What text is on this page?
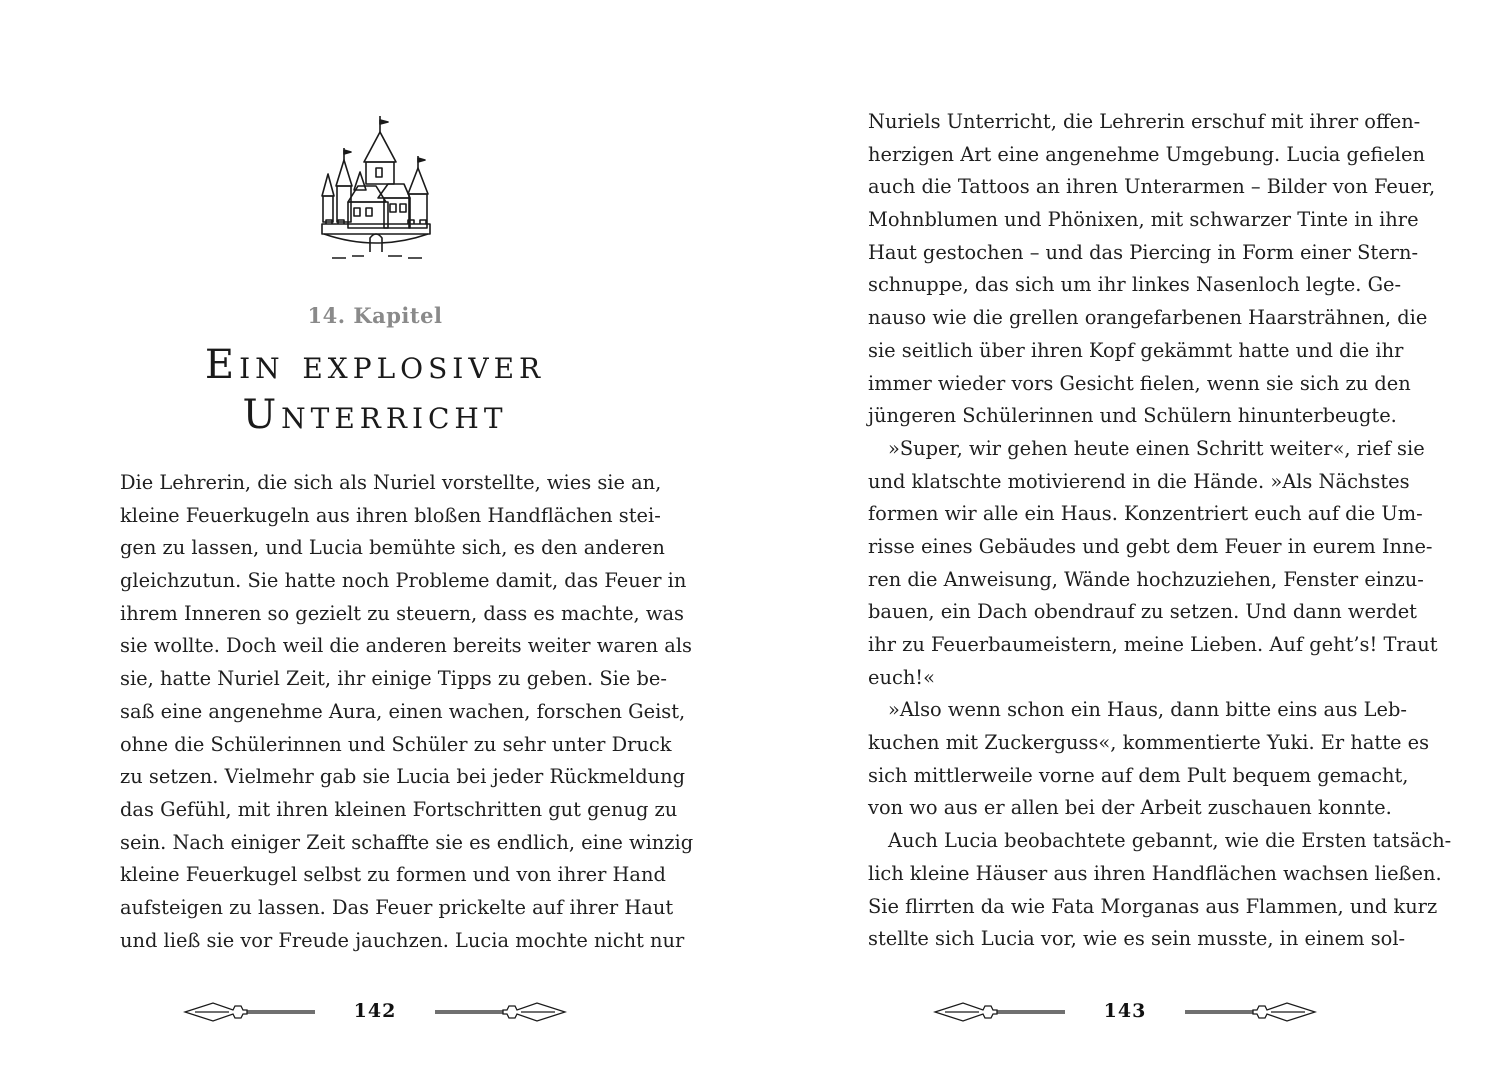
14. Kapitel
Ein explosiver
Unterricht
Die Lehrerin, die sich als Nuriel vorstellte, wies sie an,
kleine Feuerkugeln aus ihren bloßen Handflächen stei-
gen zu lassen, und Lucia bemühte sich, es den anderen
gleichzutun. Sie hatte noch Probleme damit, das Feuer in
ihrem Inneren so gezielt zu steuern, dass es machte, was
sie wollte. Doch weil die anderen bereits weiter waren als
sie, hatte Nuriel Zeit, ihr einige Tipps zu geben. Sie be-
saß eine angenehme Aura, einen wachen, forschen Geist,
ohne die Schülerinnen und Schüler zu sehr unter Druck
zu setzen. Vielmehr gab sie Lucia bei jeder Rückmeldung
das Gefühl, mit ihren kleinen Fortschritten gut genug zu
sein. Nach einiger Zeit schaffte sie es endlich, eine winzig
kleine Feuerkugel selbst zu formen und von ihrer Hand
aufsteigen zu lassen. Das Feuer prickelte auf ihrer Haut
und ließ sie vor Freude jauchzen. Lucia mochte nicht nur
142
Nuriels Unterricht, die Lehrerin erschuf mit ihrer offen-
herzigen Art eine angenehme Umgebung. Lucia gefielen
auch die Tattoos an ihren Unterarmen – Bilder von Feuer,
Mohnblumen und Phönixen, mit schwarzer Tinte in ihre
Haut gestochen – und das Piercing in Form einer Stern-
schnuppe, das sich um ihr linkes Nasenloch legte. Ge-
nauso wie die grellen orangefarbenen Haarsträhnen, die
sie seitlich über ihren Kopf gekämmt hatte und die ihr
immer wieder vors Gesicht fielen, wenn sie sich zu den
jüngeren Schülerinnen und Schülern hinunterbeugte.
»Super, wir gehen heute einen Schritt weiter«, rief sie
und klatschte motivierend in die Hände. »Als Nächstes
formen wir alle ein Haus. Konzentriert euch auf die Um-
risse eines Gebäudes und gebt dem Feuer in eurem Inne-
ren die Anweisung, Wände hochzuziehen, Fenster einzu-
bauen, ein Dach obendrauf zu setzen. Und dann werdet
ihr zu Feuerbaumeistern, meine Lieben. Auf geht’s! Traut
euch!«
»Also wenn schon ein Haus, dann bitte eins aus Leb-
kuchen mit Zuckerguss«, kommentierte Yuki. Er hatte es
sich mittlerweile vorne auf dem Pult bequem gemacht,
von wo aus er allen bei der Arbeit zuschauen konnte.
Auch Lucia beobachtete gebannt, wie die Ersten tatsäch-
lich kleine Häuser aus ihren Handflächen wachsen ließen.
Sie flirrten da wie Fata Morganas aus Flammen, und kurz
stellte sich Lucia vor, wie es sein musste, in einem sol-
143
